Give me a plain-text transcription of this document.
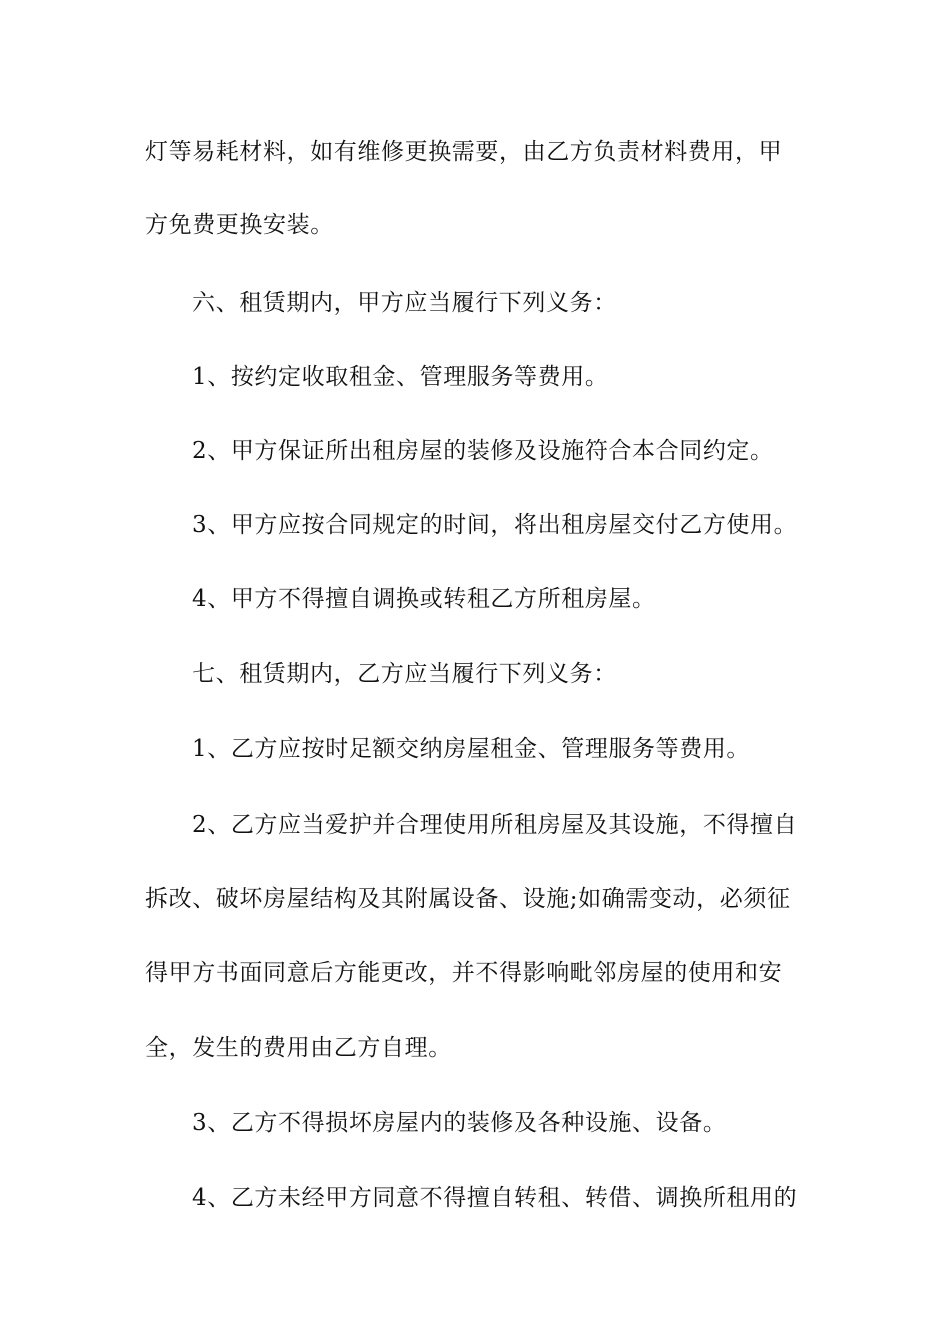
灯等易耗材料，如有维修更换需要，由乙方负责材料费用，甲
方免费更换安装。
六、租赁期内，甲方应当履行下列义务：
1、按约定收取租金、管理服务等费用。
2、甲方保证所出租房屋的装修及设施符合本合同约定。
3、甲方应按合同规定的时间，将出租房屋交付乙方使用。
4、甲方不得擅自调换或转租乙方所租房屋。
七、租赁期内，乙方应当履行下列义务：
1、乙方应按时足额交纳房屋租金、管理服务等费用。
2、乙方应当爱护并合理使用所租房屋及其设施，不得擅自
拆改、破坏房屋结构及其附属设备、设施;如确需变动，必须征
得甲方书面同意后方能更改，并不得影响毗邻房屋的使用和安
全，发生的费用由乙方自理。
3、乙方不得损坏房屋内的装修及各种设施、设备。
4、乙方未经甲方同意不得擅自转租、转借、调换所租用的
